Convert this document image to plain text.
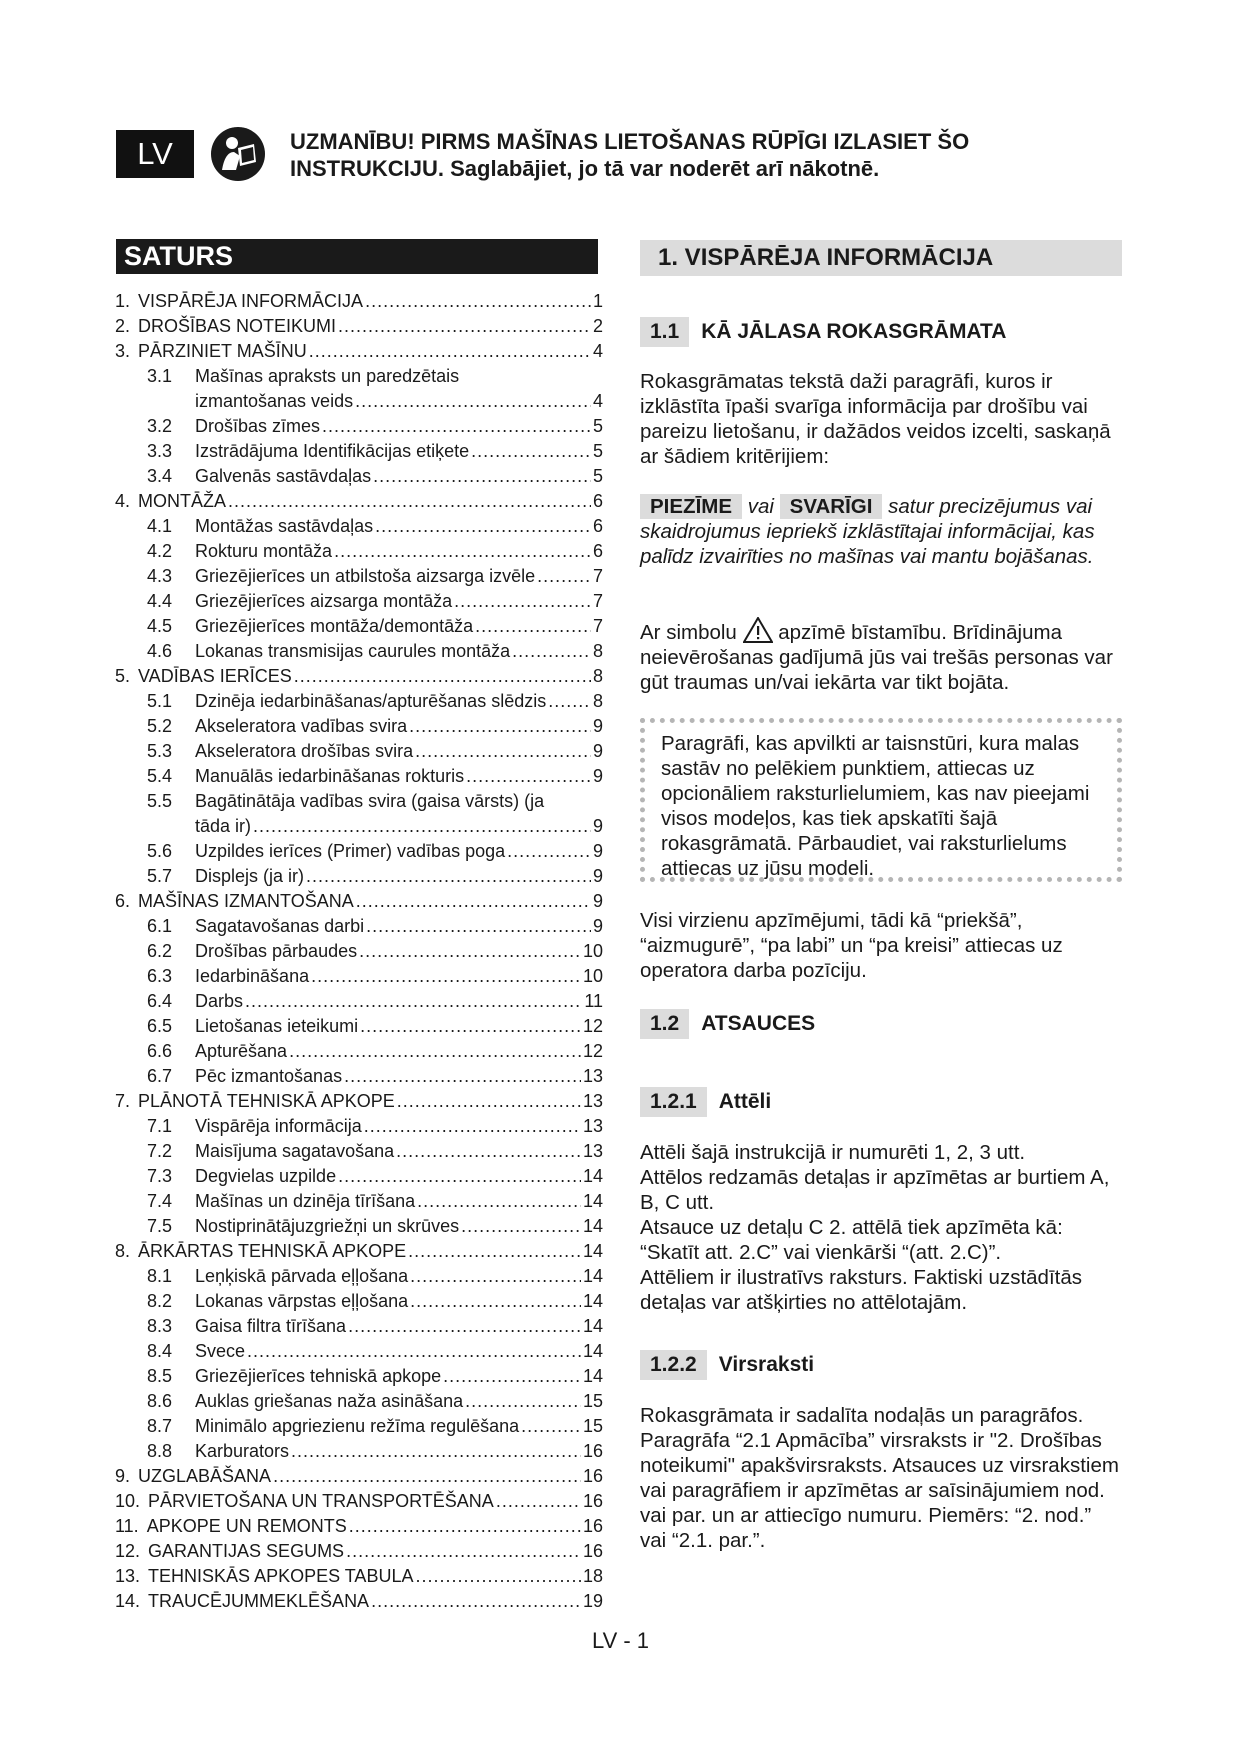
LV	UZMANĪBU! PIRMS MAŠĪNAS LIETOŠANAS RŪPĪGI IZLASIET ŠO
INSTRUKCIJU. Saglabājiet, jo tā var noderēt arī nākotnē.
SATURS
1. VISPĀRĒJA INFORMĀCIJA .....	1
2. DROŠĪBAS NOTEIKUMI .....	2
3. PĀRZINIET MAŠĪNU .....	4
3.1	Mašīnas apraksts un paredzētais
izmantošanas veids .....	4
3.2	Drošības zīmes .....	5
3.3	Izstrādājuma Identifikācijas etiķete .....	5
3.4	Galvenās sastāvdaļas .....	5
4. MONTĀŽA .....	6
4.1	Montāžas sastāvdaļas .....	6
4.2	Rokturu montāža .....	6
4.3	Griezējierīces un atbilstoša aizsarga izvēle .....	7
4.4	Griezējierīces aizsarga montāža .....	7
4.5	Griezējierīces montāža/demontāža .....	7
4.6	Lokanas transmisijas caurules montāža .....	8
5. VADĪBAS IERĪCES .....	8
5.1	Dzinēja iedarbināšanas/apturēšanas slēdzis .....	8
5.2	Akseleratora vadības svira .....	9
5.3	Akseleratora drošības svira .....	9
5.4	Manuālās iedarbināšanas rokturis .....	9
5.5	Bagātinātāja vadības svira (gaisa vārsts) (ja
tāda ir) .....	9
5.6	Uzpildes ierīces (Primer) vadības poga .....	9
5.7	Displejs (ja ir) .....	9
6. MAŠĪNAS IZMANTOŠANA .....	9
6.1	Sagatavošanas darbi .....	9
6.2	Drošības pārbaudes .....	10
6.3	Iedarbināšana .....	10
6.4	Darbs .....	11
6.5	Lietošanas ieteikumi .....	12
6.6	Apturēšana .....	12
6.7	Pēc izmantošanas .....	13
7. PLĀNOTĀ TEHNISKĀ APKOPE .....	13
7.1	Vispārēja informācija .....	13
7.2	Maisījuma sagatavošana .....	13
7.3	Degvielas uzpilde .....	14
7.4	Mašīnas un dzinēja tīrīšana .....	14
7.5	Nostiprinātājuzgriežņi un skrūves .....	14
8. ĀRKĀRTAS TEHNISKĀ APKOPE .....	14
8.1	Leņķiskā pārvada eļļošana .....	14
8.2	Lokanas vārpstas eļļošana .....	14
8.3	Gaisa filtra tīrīšana .....	14
8.4	Svece .....	14
8.5	Griezējierīces tehniskā apkope .....	14
8.6	Auklas griešanas naža asināšana .....	15
8.7	Minimālo apgriezienu režīma regulēšana .....	15
8.8	Karburators .....	16
9. UZGLABĀŠANA .....	16
10. PĀRVIETOŠANA UN TRANSPORTĒŠANA .....	16
11. APKOPE UN REMONTS .....	16
12. GARANTIJAS SEGUMS .....	16
13. TEHNISKĀS APKOPES TABULA .....	18
14. TRAUCĒJUMMEKLĒŠANA .....	19
1. VISPĀRĒJA INFORMĀCIJA
1.1	KĀ JĀLASA ROKASGRĀMATA

Rokasgrāmatas tekstā daži paragrāfi, kuros ir izklāstīta īpaši svarīga informācija par drošību vai pareizu lietošanu, ir dažādos veidos izcelti, saskaņā ar šādiem kritērijiem:

PIEZĪME vai SVARĪGI satur precizējumus vai skaidrojumus iepriekš izklāstītajai informācijai, kas palīdz izvairīties no mašīnas vai mantu bojāšanas.

Ar simbolu apzīmē bīstamību. Brīdinājuma neievērošanas gadījumā jūs vai trešās personas var gūt traumas un/vai iekārta var tikt bojāta.

Paragrāfi, kas apvilkti ar taisnstūri, kura malas sastāv no pelēkiem punktiem, attiecas uz opcionāliem raksturlielumiem, kas nav pieejami visos modeļos, kas tiek apskatīti šajā rokasgrāmatā. Pārbaudiet, vai raksturlielums attiecas uz jūsu modeli.

Visi virzienu apzīmējumi, tādi kā “priekšā”, “aizmugurē”, “pa labi” un “pa kreisi” attiecas uz operatora darba pozīciju.

1.2	ATSAUCES
1.2.1	Attēli

Attēli šajā instrukcijā ir numurēti 1, 2, 3 utt.

Attēlos redzamās detaļas ir apzīmētas ar burtiem A, B, C utt.

Atsauce uz detaļu C 2. attēlā tiek apzīmēta kā: “Skatīt att. 2.C” vai vienkārši “(att. 2.C)”.

Attēliem ir ilustratīvs raksturs. Faktiski uzstādītās detaļas var atšķirties no attēlotajām.

1.2.2	Virsraksti

Rokasgrāmata ir sadalīta nodaļās un paragrāfos. Paragrāfa “2.1 Apmācība” virsraksts ir "2. Drošības noteikumi" apakšvirsraksts. Atsauces uz virsrakstiem vai paragrāfiem ir apzīmētas ar saīsinājumiem nod. vai par. un ar attiecīgo numuru. Piemērs: “2. nod.” vai “2.1. par.”.

LV - 1
